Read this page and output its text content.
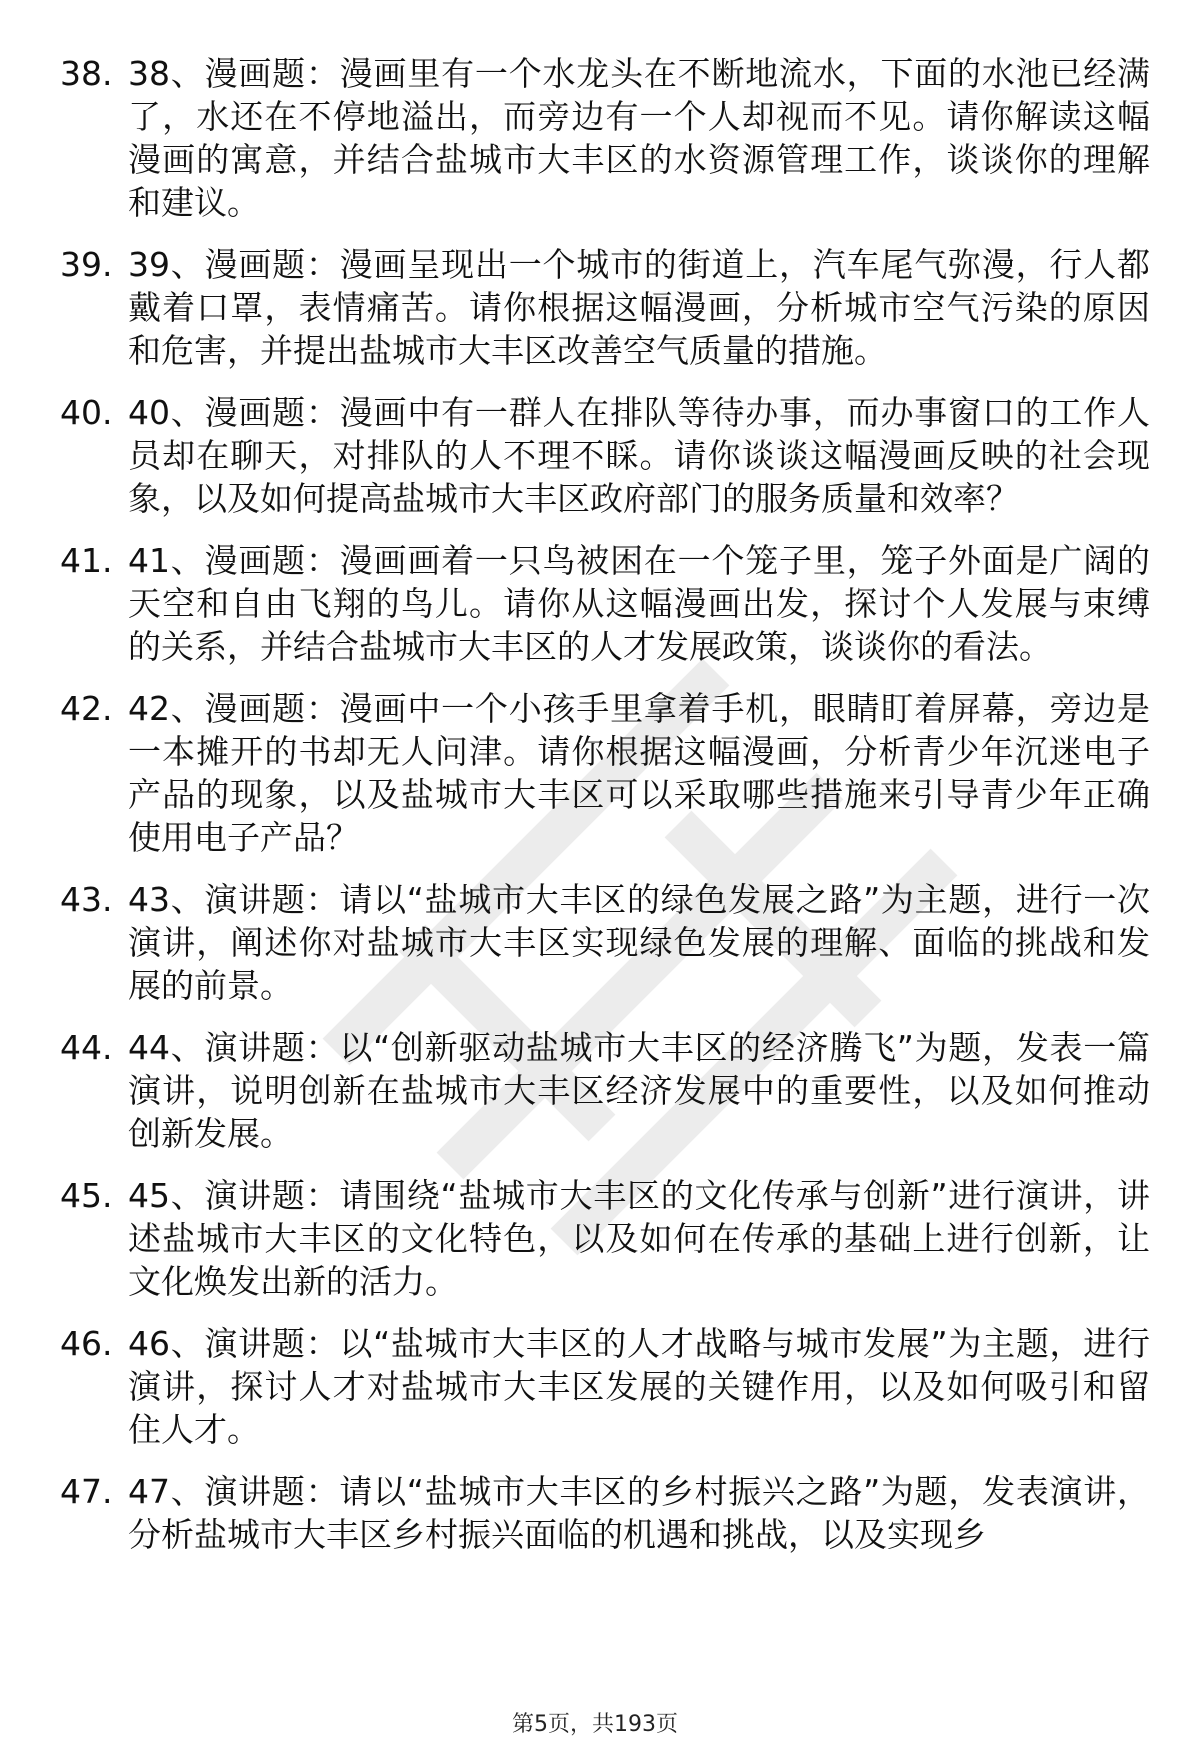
38. 38、漫画题：漫画里有一个水龙头在不断地流水，下面的水池已经满了，水还在不停地溢出，而旁边有一个人却视而不见。请你解读这幅漫画的寓意，并结合盐城市大丰区的水资源管理工作，谈谈你的理解和建议。
39. 39、漫画题：漫画呈现出一个城市的街道上，汽车尾气弥漫，行人都戴着口罩，表情痛苦。请你根据这幅漫画，分析城市空气污染的原因和危害，并提出盐城市大丰区改善空气质量的措施。
40. 40、漫画题：漫画中有一群人在排队等待办事，而办事窗口的工作人员却在聊天，对排队的人不理不睬。请你谈谈这幅漫画反映的社会现象，以及如何提高盐城市大丰区政府部门的服务质量和效率？
41. 41、漫画题：漫画画着一只鸟被困在一个笼子里，笼子外面是广阔的天空和自由飞翔的鸟儿。请你从这幅漫画出发，探讨个人发展与束缚的关系，并结合盐城市大丰区的人才发展政策，谈谈你的看法。
42. 42、漫画题：漫画中一个小孩手里拿着手机，眼睛盯着屏幕，旁边是一本摊开的书却无人问津。请你根据这幅漫画，分析青少年沉迷电子产品的现象，以及盐城市大丰区可以采取哪些措施来引导青少年正确使用电子产品？
43. 43、演讲题：请以“盐城市大丰区的绿色发展之路”为主题，进行一次演讲，阐述你对盐城市大丰区实现绿色发展的理解、面临的挑战和发展的前景。
44. 44、演讲题：以“创新驱动盐城市大丰区的经济腾飞”为题，发表一篇演讲，说明创新在盐城市大丰区经济发展中的重要性，以及如何推动创新发展。
45. 45、演讲题：请围绕“盐城市大丰区的文化传承与创新”进行演讲，讲述盐城市大丰区的文化特色，以及如何在传承的基础上进行创新，让文化焕发出新的活力。
46. 46、演讲题：以“盐城市大丰区的人才战略与城市发展”为主题，进行演讲，探讨人才对盐城市大丰区发展的关键作用，以及如何吸引和留住人才。
47. 47、演讲题：请以“盐城市大丰区的乡村振兴之路”为题，发表演讲，分析盐城市大丰区乡村振兴面临的机遇和挑战，以及实现乡
第5页，共193页
